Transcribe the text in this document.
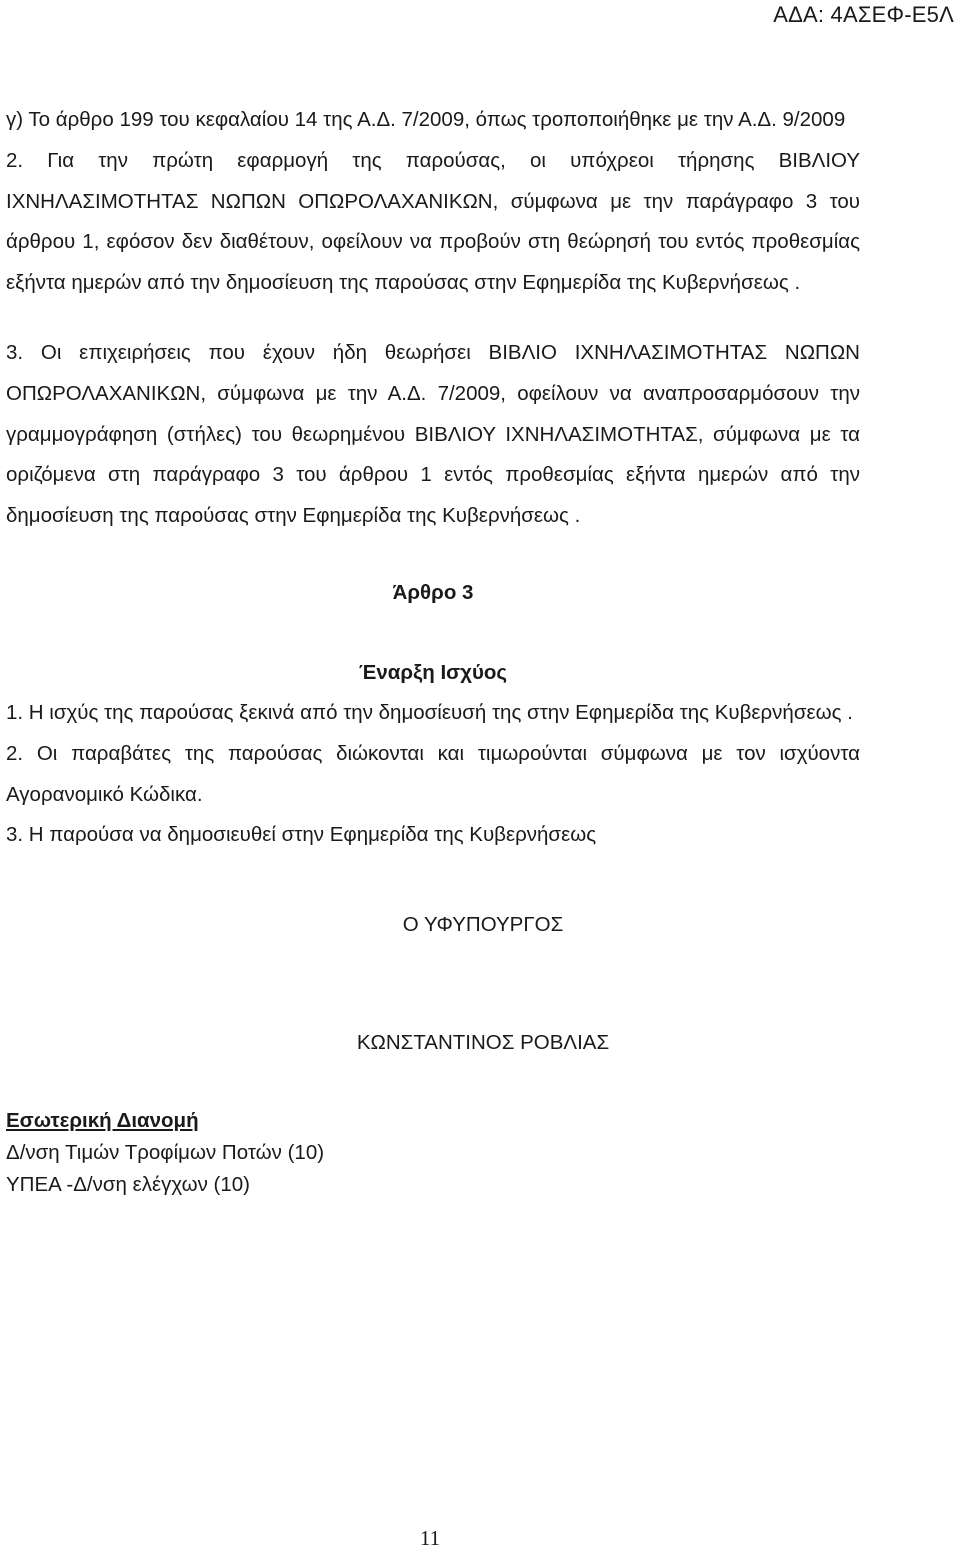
ΑΔΑ: 4ΑΣΕΦ-Ε5Λ

γ) Το άρθρο 199 του κεφαλαίου 14 της Α.Δ. 7/2009, όπως τροποποιήθηκε με την Α.Δ. 9/2009

2. Για την πρώτη εφαρμογή της παρούσας, οι υπόχρεοι τήρησης ΒΙΒΛΙΟΥ ΙΧΝΗΛΑΣΙΜΟΤΗΤΑΣ ΝΩΠΩΝ ΟΠΩΡΟΛΑΧΑΝΙΚΩΝ, σύμφωνα με την παράγραφο 3 του άρθρου 1, εφόσον δεν διαθέτουν, οφείλουν να προβούν στη θεώρησή του εντός προθεσμίας εξήντα ημερών από την δημοσίευση της παρούσας στην Εφημερίδα της Κυβερνήσεως .

3. Οι επιχειρήσεις που έχουν ήδη θεωρήσει ΒΙΒΛΙΟ ΙΧΝΗΛΑΣΙΜΟΤΗΤΑΣ ΝΩΠΩΝ ΟΠΩΡΟΛΑΧΑΝΙΚΩΝ, σύμφωνα με την Α.Δ. 7/2009, οφείλουν να αναπροσαρμόσουν την γραμμογράφηση (στήλες) του θεωρημένου ΒΙΒΛΙΟΥ ΙΧΝΗΛΑΣΙΜΟΤΗΤΑΣ, σύμφωνα με τα οριζόμενα στη παράγραφο 3 του άρθρου 1 εντός προθεσμίας εξήντα ημερών από την δημοσίευση της παρούσας στην Εφημερίδα της Κυβερνήσεως .

Άρθρο 3

Έναρξη Ισχύος

1. Η ισχύς της παρούσας ξεκινά από την δημοσίευσή της στην Εφημερίδα της Κυβερνήσεως .

2. Οι παραβάτες της παρούσας διώκονται και τιμωρούνται σύμφωνα με τον ισχύοντα Αγορανομικό Κώδικα.

3. Η παρούσα να δημοσιευθεί στην Εφημερίδα της Κυβερνήσεως

Ο ΥΦΥΠΟΥΡΓΟΣ

ΚΩΝΣΤΑΝΤΙΝΟΣ ΡΟΒΛΙΑΣ

Εσωτερική Διανομή

Δ/νση Τιμών Τροφίμων Ποτών (10)

ΥΠΕΑ -Δ/νση ελέγχων (10)

11
